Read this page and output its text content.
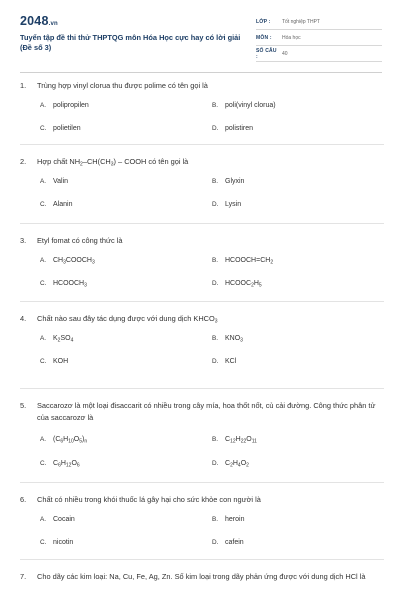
2048.vn
Tuyển tập đề thi thử THPTQG môn Hóa Học cực hay có lời giải (Đề số 3)
LỚP :	Tốt nghiệp THPT
MÔN :	Hóa học
SỐ CÂU :	40
1. Trùng hợp vinyl clorua thu được polime có tên gọi là
A. polipropilen	B. poli(vinyl clorua)
C. polietilen	D. polistiren
2. Hợp chất $NH_2-CH(CH_3)$ – COOH có tên gọi là
A. Valin	B. Glyxin
C. Alanin	D. Lysin
3. Etyl fomat có công thức là
A. $CH_3COOCH_3$	B. $HCOOCH=CH_2$
C. $HCOOCH_3$	D. $HCOOC_2H_5$
4. Chất nào sau đây tác dụng được với dung dịch $KHCO_3$
A. $K_2SO_4$	B. $KNO_3$
C. KOH	D. KCl
5. Saccarozơ là một loại đisaccarit có nhiều trong cây mía, hoa thốt nốt, củ cải đường. Công thức phân tử của saccarozơ là
A. $(C_6H_{10}O_5)_n$	B. $C_{12}H_{22}O_{11}$
C. $C_6H_{12}O_6$	D. $C_2H_4O_2$
6. Chất có nhiều trong khói thuốc lá gây hại cho sức khỏe con người là
A. Cocain	B. heroin
C. nicotin	D. cafein
7. Cho dãy các kim loại: Na, Cu, Fe, Ag, Zn. Số kim loại trong dãy phản ứng được với dung dịch HCl là
